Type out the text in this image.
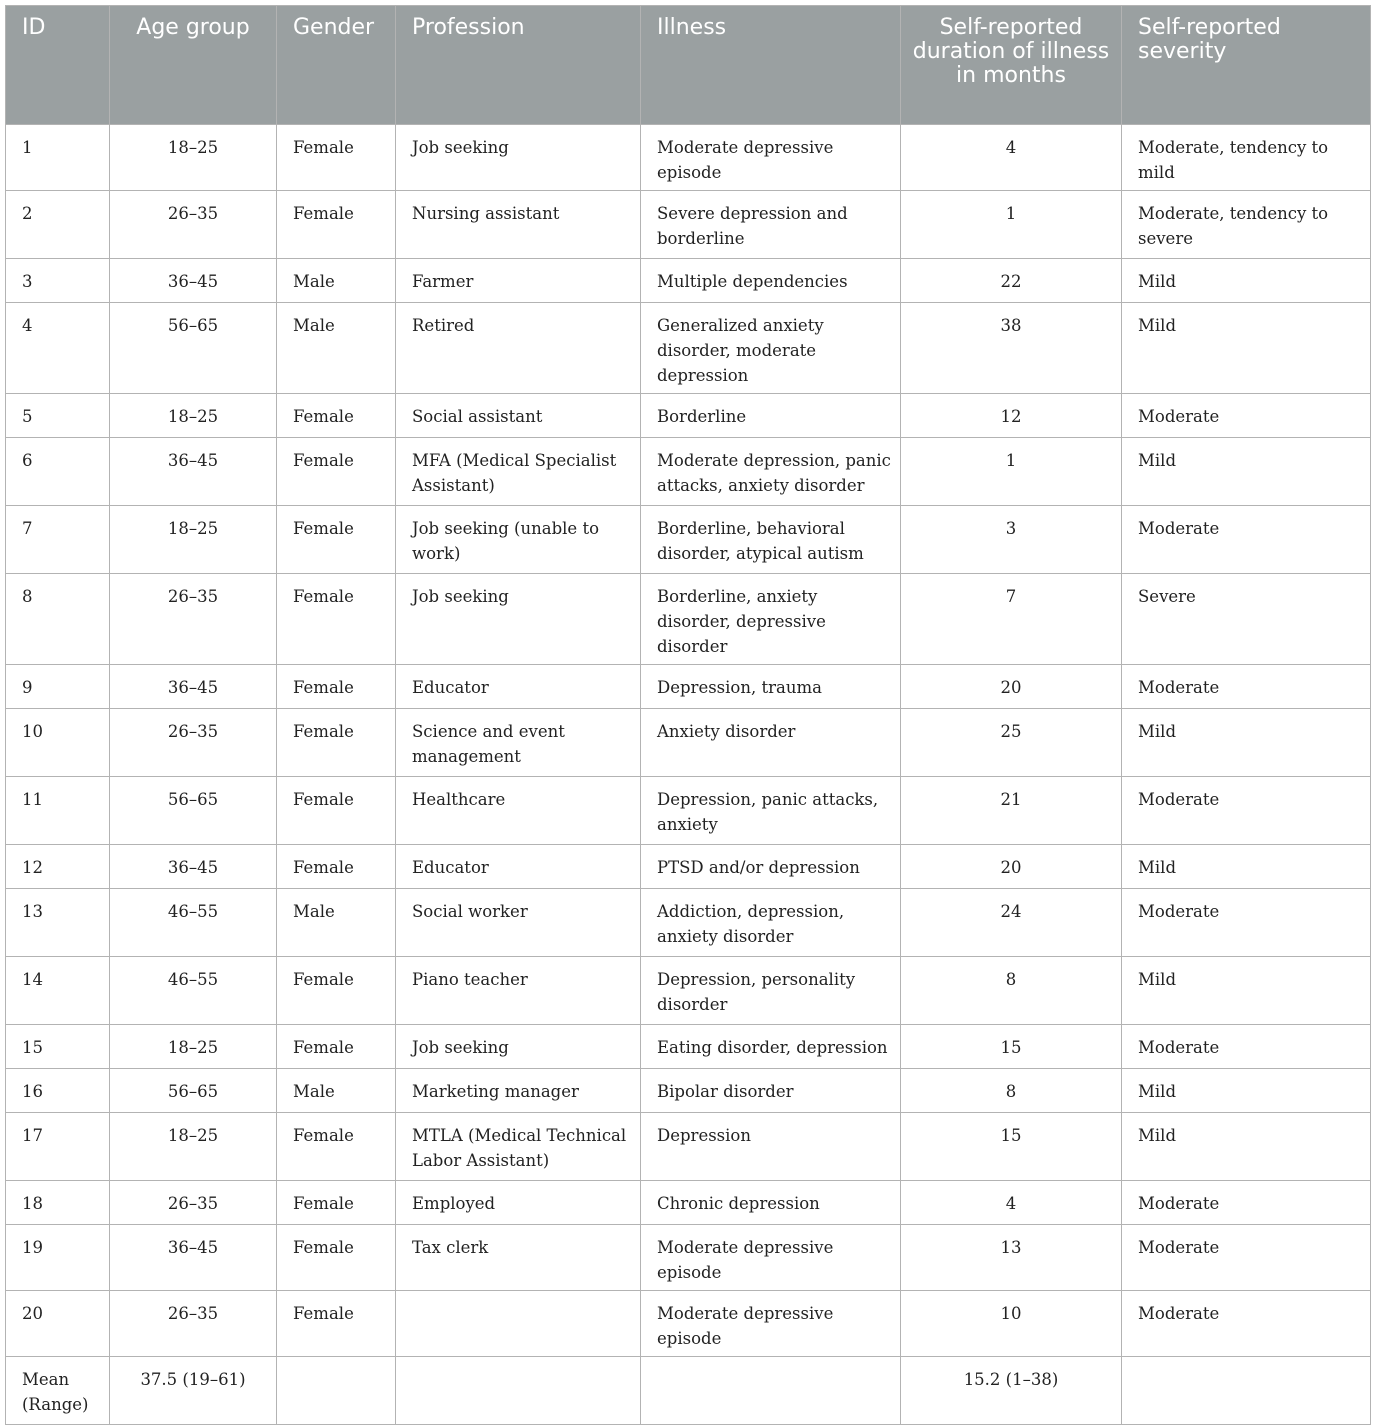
ID	Age group	Gender	Profession	Illness	Self-reported duration of illness in months	Self-reported severity
1	18–25	Female	Job seeking	Moderate depressive episode	4	Moderate, tendency to mild
2	26–35	Female	Nursing assistant	Severe depression and borderline	1	Moderate, tendency to severe
3	36–45	Male	Farmer	Multiple dependencies	22	Mild
4	56–65	Male	Retired	Generalized anxiety disorder, moderate depression	38	Mild
5	18–25	Female	Social assistant	Borderline	12	Moderate
6	36–45	Female	MFA (Medical Specialist Assistant)	Moderate depression, panic attacks, anxiety disorder	1	Mild
7	18–25	Female	Job seeking (unable to work)	Borderline, behavioral disorder, atypical autism	3	Moderate
8	26–35	Female	Job seeking	Borderline, anxiety disorder, depressive disorder	7	Severe
9	36–45	Female	Educator	Depression, trauma	20	Moderate
10	26–35	Female	Science and event management	Anxiety disorder	25	Mild
11	56–65	Female	Healthcare	Depression, panic attacks, anxiety	21	Moderate
12	36–45	Female	Educator	PTSD and/or depression	20	Mild
13	46–55	Male	Social worker	Addiction, depression, anxiety disorder	24	Moderate
14	46–55	Female	Piano teacher	Depression, personality disorder	8	Mild
15	18–25	Female	Job seeking	Eating disorder, depression	15	Moderate
16	56–65	Male	Marketing manager	Bipolar disorder	8	Mild
17	18–25	Female	MTLA (Medical Technical Labor Assistant)	Depression	15	Mild
18	26–35	Female	Employed	Chronic depression	4	Moderate
19	36–45	Female	Tax clerk	Moderate depressive episode	13	Moderate
20	26–35	Female		Moderate depressive episode	10	Moderate
Mean (Range)	37.5 (19–61)				15.2 (1–38)	
